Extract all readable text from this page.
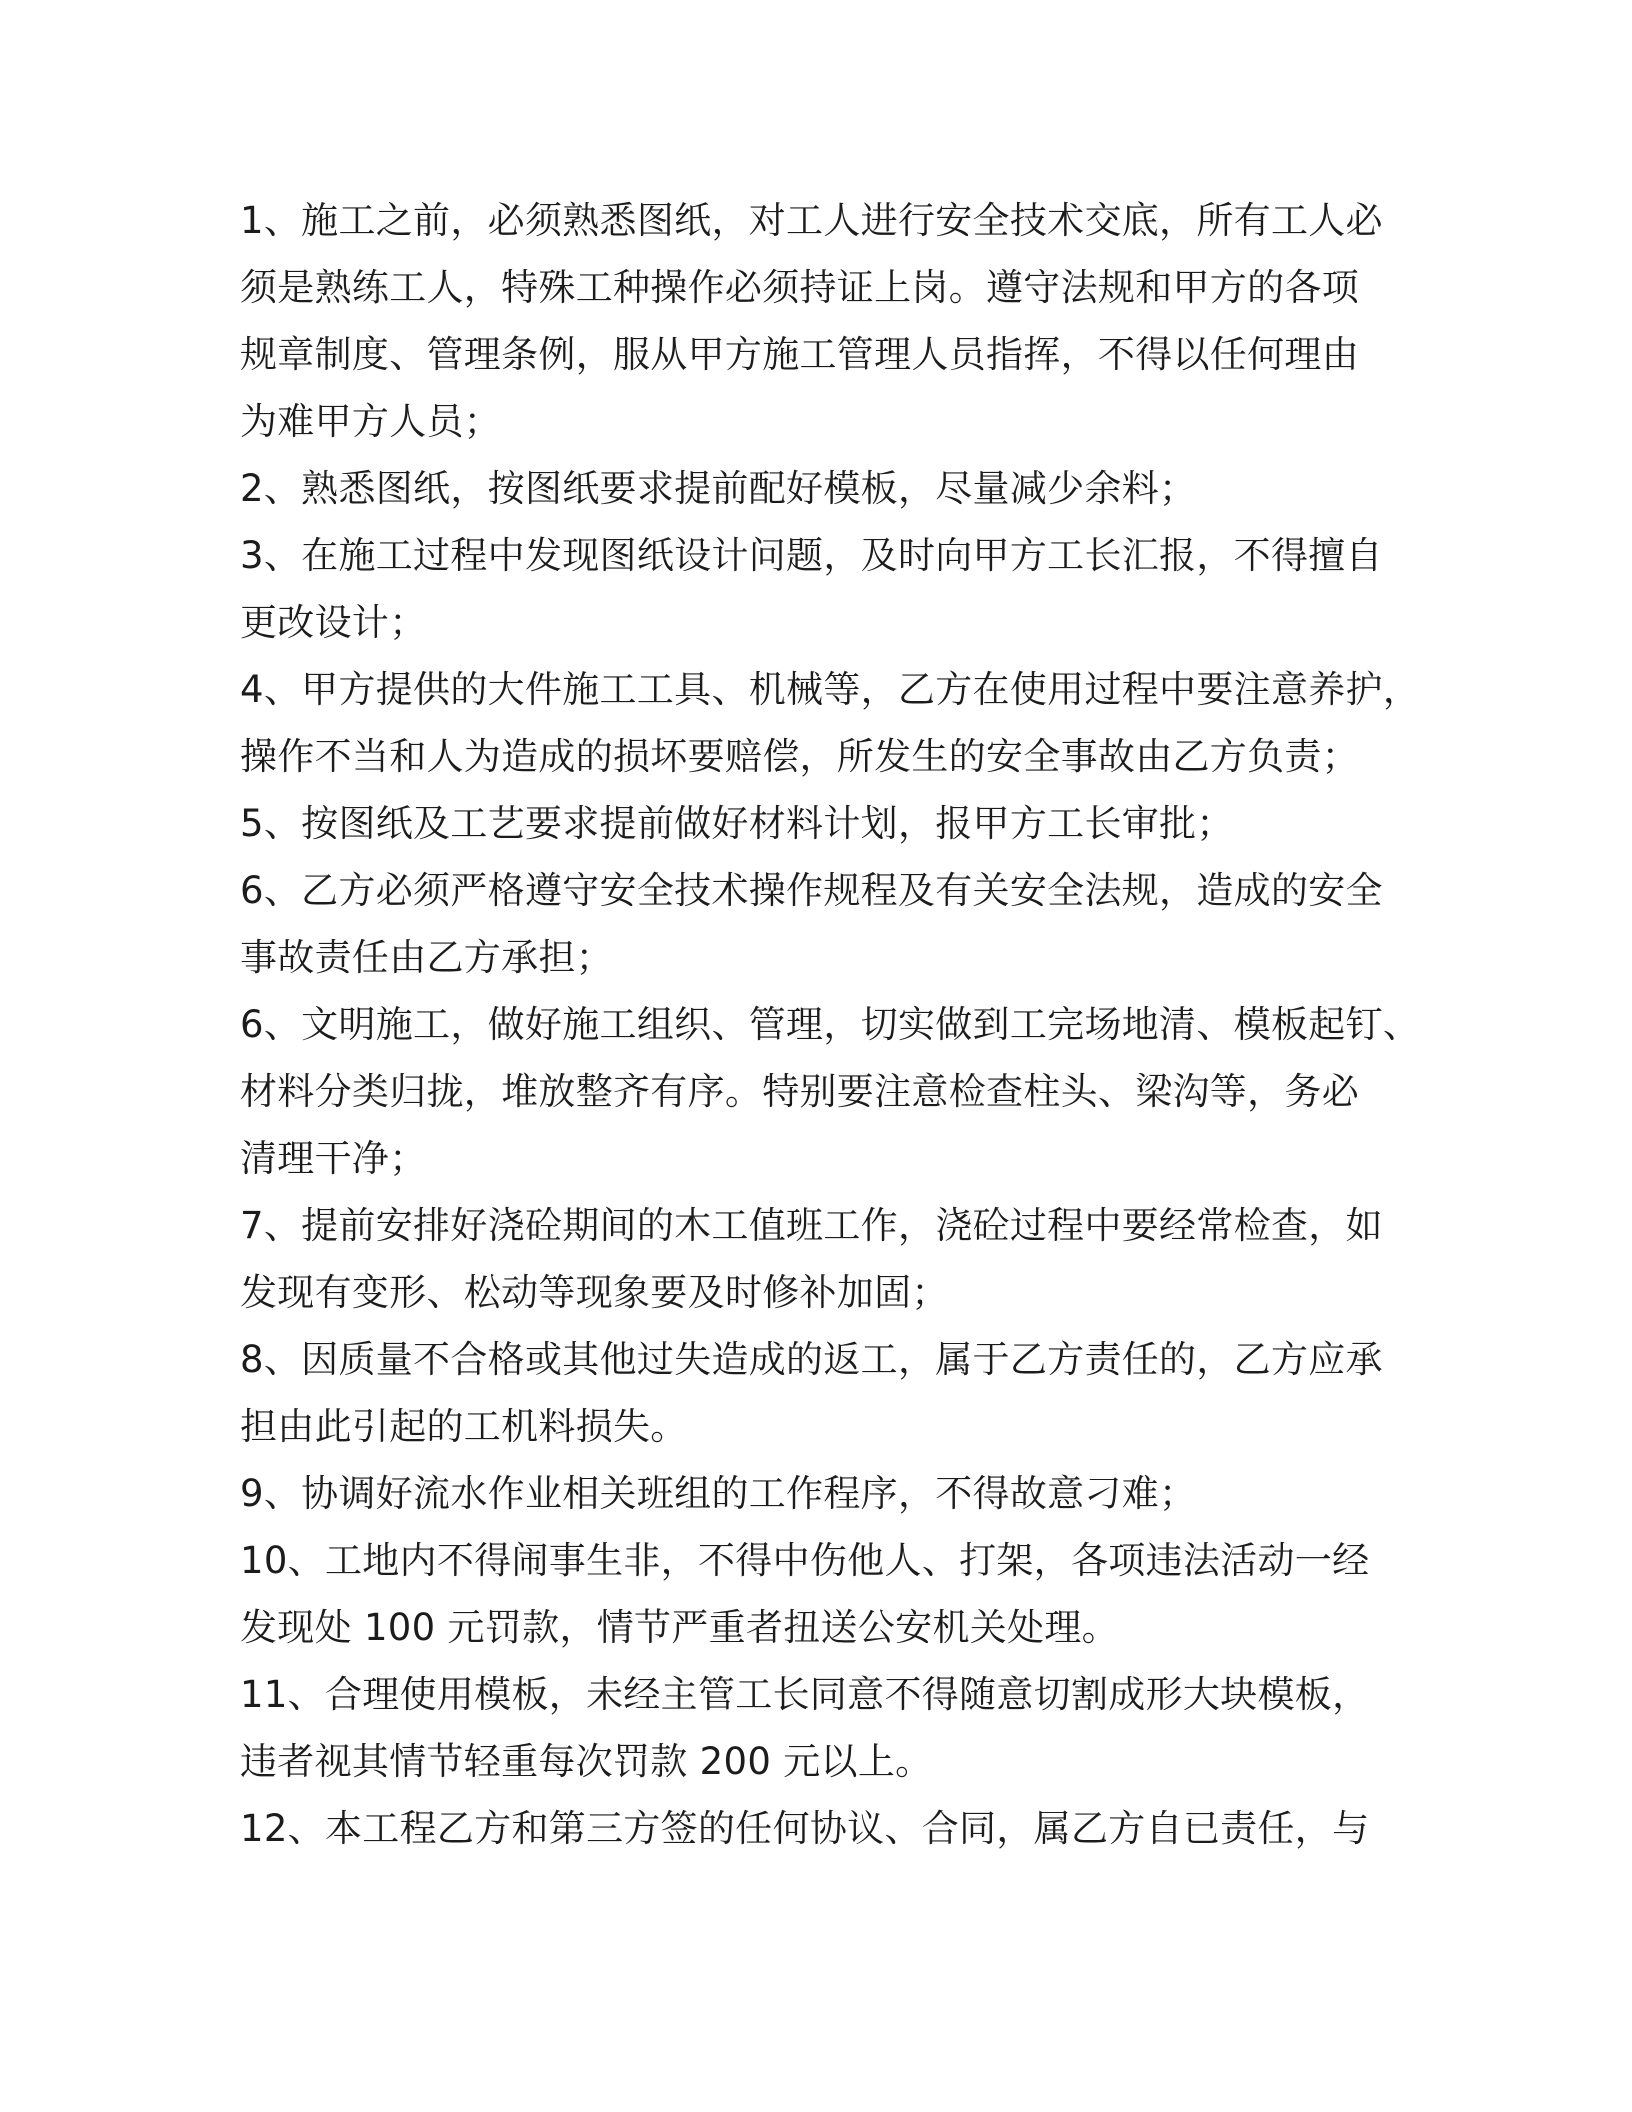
1、施工之前，必须熟悉图纸，对工人进行安全技术交底，所有工人必
须是熟练工人，特殊工种操作必须持证上岗。遵守法规和甲方的各项
规章制度、管理条例，服从甲方施工管理人员指挥，不得以任何理由
为难甲方人员；
2、熟悉图纸，按图纸要求提前配好模板，尽量减少余料；
3、在施工过程中发现图纸设计问题，及时向甲方工长汇报，不得擅自
更改设计；
4、甲方提供的大件施工工具、机械等，乙方在使用过程中要注意养护，
操作不当和人为造成的损坏要赔偿，所发生的安全事故由乙方负责；
5、按图纸及工艺要求提前做好材料计划，报甲方工长审批；
6、乙方必须严格遵守安全技术操作规程及有关安全法规，造成的安全
事故责任由乙方承担；
6、文明施工，做好施工组织、管理，切实做到工完场地清、模板起钉、
材料分类归拢，堆放整齐有序。特别要注意检查柱头、梁沟等，务必
清理干净；
7、提前安排好浇砼期间的木工值班工作，浇砼过程中要经常检查，如
发现有变形、松动等现象要及时修补加固；
8、因质量不合格或其他过失造成的返工，属于乙方责任的，乙方应承
担由此引起的工机料损失。
9、协调好流水作业相关班组的工作程序，不得故意刁难；
10、工地内不得闹事生非，不得中伤他人、打架，各项违法活动一经
发现处 100 元罚款，情节严重者扭送公安机关处理。
11、合理使用模板，未经主管工长同意不得随意切割成形大块模板，
违者视其情节轻重每次罚款 200 元以上。
12、本工程乙方和第三方签的任何协议、合同，属乙方自已责任，与
